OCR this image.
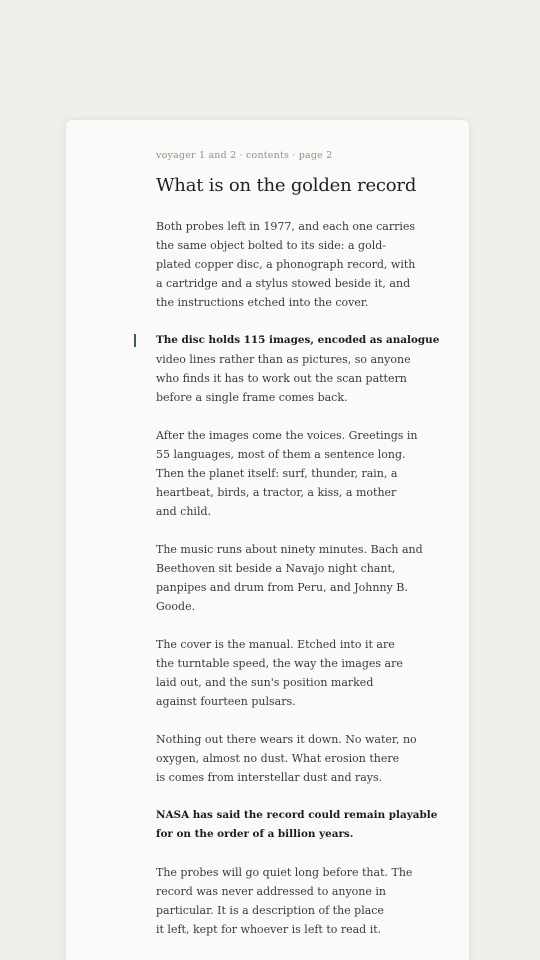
voyager 1 and 2 · contents · page 2
What is on the golden record
Both probes left in 1977, and each one carries
the same object bolted to its side: a gold-
plated copper disc, a phonograph record, with
a cartridge and a stylus stowed beside it, and
the instructions etched into the cover.
The disc holds 115 images, encoded as analogue
video lines rather than as pictures, so anyone
who finds it has to work out the scan pattern
before a single frame comes back.
After the images come the voices. Greetings in
55 languages, most of them a sentence long.
Then the planet itself: surf, thunder, rain, a
heartbeat, birds, a tractor, a kiss, a mother
and child.
The music runs about ninety minutes. Bach and
Beethoven sit beside a Navajo night chant,
panpipes and drum from Peru, and Johnny B.
Goode.
The cover is the manual. Etched into it are
the turntable speed, the way the images are
laid out, and the sun's position marked
against fourteen pulsars.
Nothing out there wears it down. No water, no
oxygen, almost no dust. What erosion there
is comes from interstellar dust and rays.
NASA has said the record could remain playable
for on the order of a billion years.
The probes will go quiet long before that. The
record was never addressed to anyone in
particular. It is a description of the place
it left, kept for whoever is left to read it.
